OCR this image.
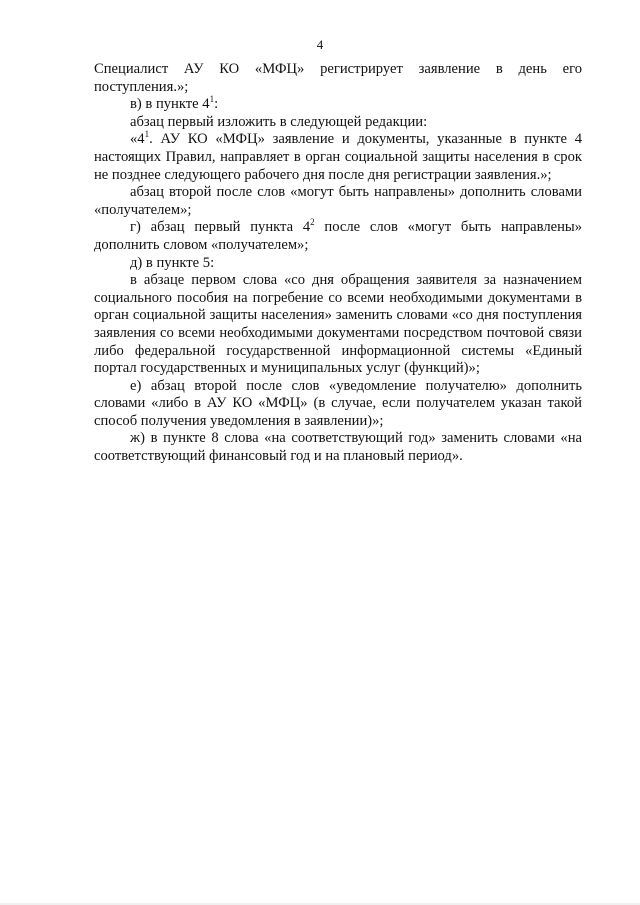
4

Специалист АУ КО «МФЦ» регистрирует заявление в день его поступления.»;

в) в пункте $4^1$:

абзац первый изложить в следующей редакции:

«$4^1$. АУ КО «МФЦ» заявление и документы, указанные в пункте 4 настоящих Правил, направляет в орган социальной защиты населения в срок не позднее следующего рабочего дня после дня регистрации заявления.»;

абзац второй после слов «могут быть направлены» дополнить словами «получателем»;

г) абзац первый пункта $4^2$ после слов «могут быть направлены» дополнить словом «получателем»;

д) в пункте 5:

в абзаце первом слова «со дня обращения заявителя за назначением социального пособия на погребение со всеми необходимыми документами в орган социальной защиты населения» заменить словами «со дня поступления заявления со всеми необходимыми документами посредством почтовой связи либо федеральной государственной информационной системы «Единый портал государственных и муниципальных услуг (функций)»;

е) абзац второй после слов «уведомление получателю» дополнить словами «либо в АУ КО «МФЦ» (в случае, если получателем указан такой способ получения уведомления в заявлении)»;

ж) в пункте 8 слова «на соответствующий год» заменить словами «на соответствующий финансовый год и на плановый период».
